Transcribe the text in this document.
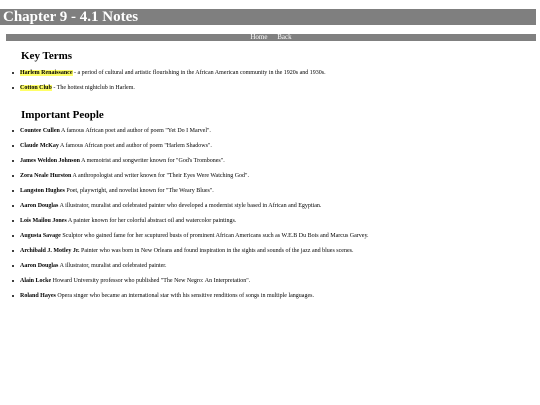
Chapter 9 - 4.1 Notes
Home Back
Key Terms
Harlem Renaissance - a period of cultural and artistic flourishing in the African American community in the 1920s and 1930s.
Cotton Club - The hottest nightclub in Harlem.
Important People
Countee Cullen A famous African poet and author of poem "Yet Do I Marvel".
Claude McKay A famous African poet and author of poem "Harlem Shadows".
James Weldon Johnson A memoirist and songwriter known for "God's Trombones".
Zora Neale Hurston A anthropologist and writer known for "Their Eyes Were Watching God".
Langston Hughes Poet, playwright, and novelist known for "The Weary Blues".
Aaron Douglas A illustrator, muralist and celebrated painter who developed a modernist style based in African and Egyptian.
Lois Mailou Jones A painter known for her colorful abstract oil and watercolor paintings.
Augusta Savage Sculptor who gained fame for her scuptured busts of prominent African Americans such as W.E.B Du Bois and Marcus Garvey.
Archibald J. Motley Jr. Painter who was born in New Orleans and found inspiration in the sights and sounds of the jazz and blues scenes.
Aaron Douglas A illustrator, muralist and celebrated painter.
Alain Locke Howard University professor who published "The New Negro: An Interpretation".
Roland Hayes Opera singer who became an international star with his sensitive renditions of songs in multiple languages.
